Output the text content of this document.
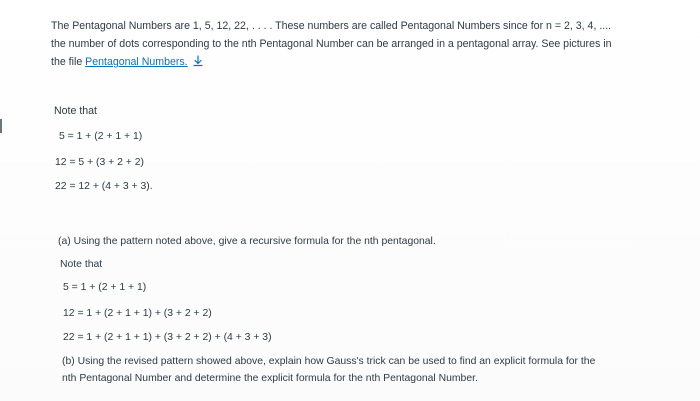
The Pentagonal Numbers are 1, 5, 12, 22, . . . . These numbers are called Pentagonal Numbers since for n = 2, 3, 4, ....
the number of dots corresponding to the nth Pentagonal Number can be arranged in a pentagonal array. See pictures in
the file Pentagonal Numbers.
Note that
5 = 1 + (2 + 1 + 1)
12 = 5 + (3 + 2 + 2)
22 = 12 + (4 + 3 + 3).
(a) Using the pattern noted above, give a recursive formula for the nth pentagonal.
Note that
5 = 1 + (2 + 1 + 1)
12 = 1 + (2 + 1 + 1) + (3 + 2 + 2)
22 = 1 + (2 + 1 + 1) + (3 + 2 + 2) + (4 + 3 + 3)
(b) Using the revised pattern showed above, explain how Gauss's trick can be used to find an explicit formula for the
nth Pentagonal Number and determine the explicit formula for the nth Pentagonal Number.
